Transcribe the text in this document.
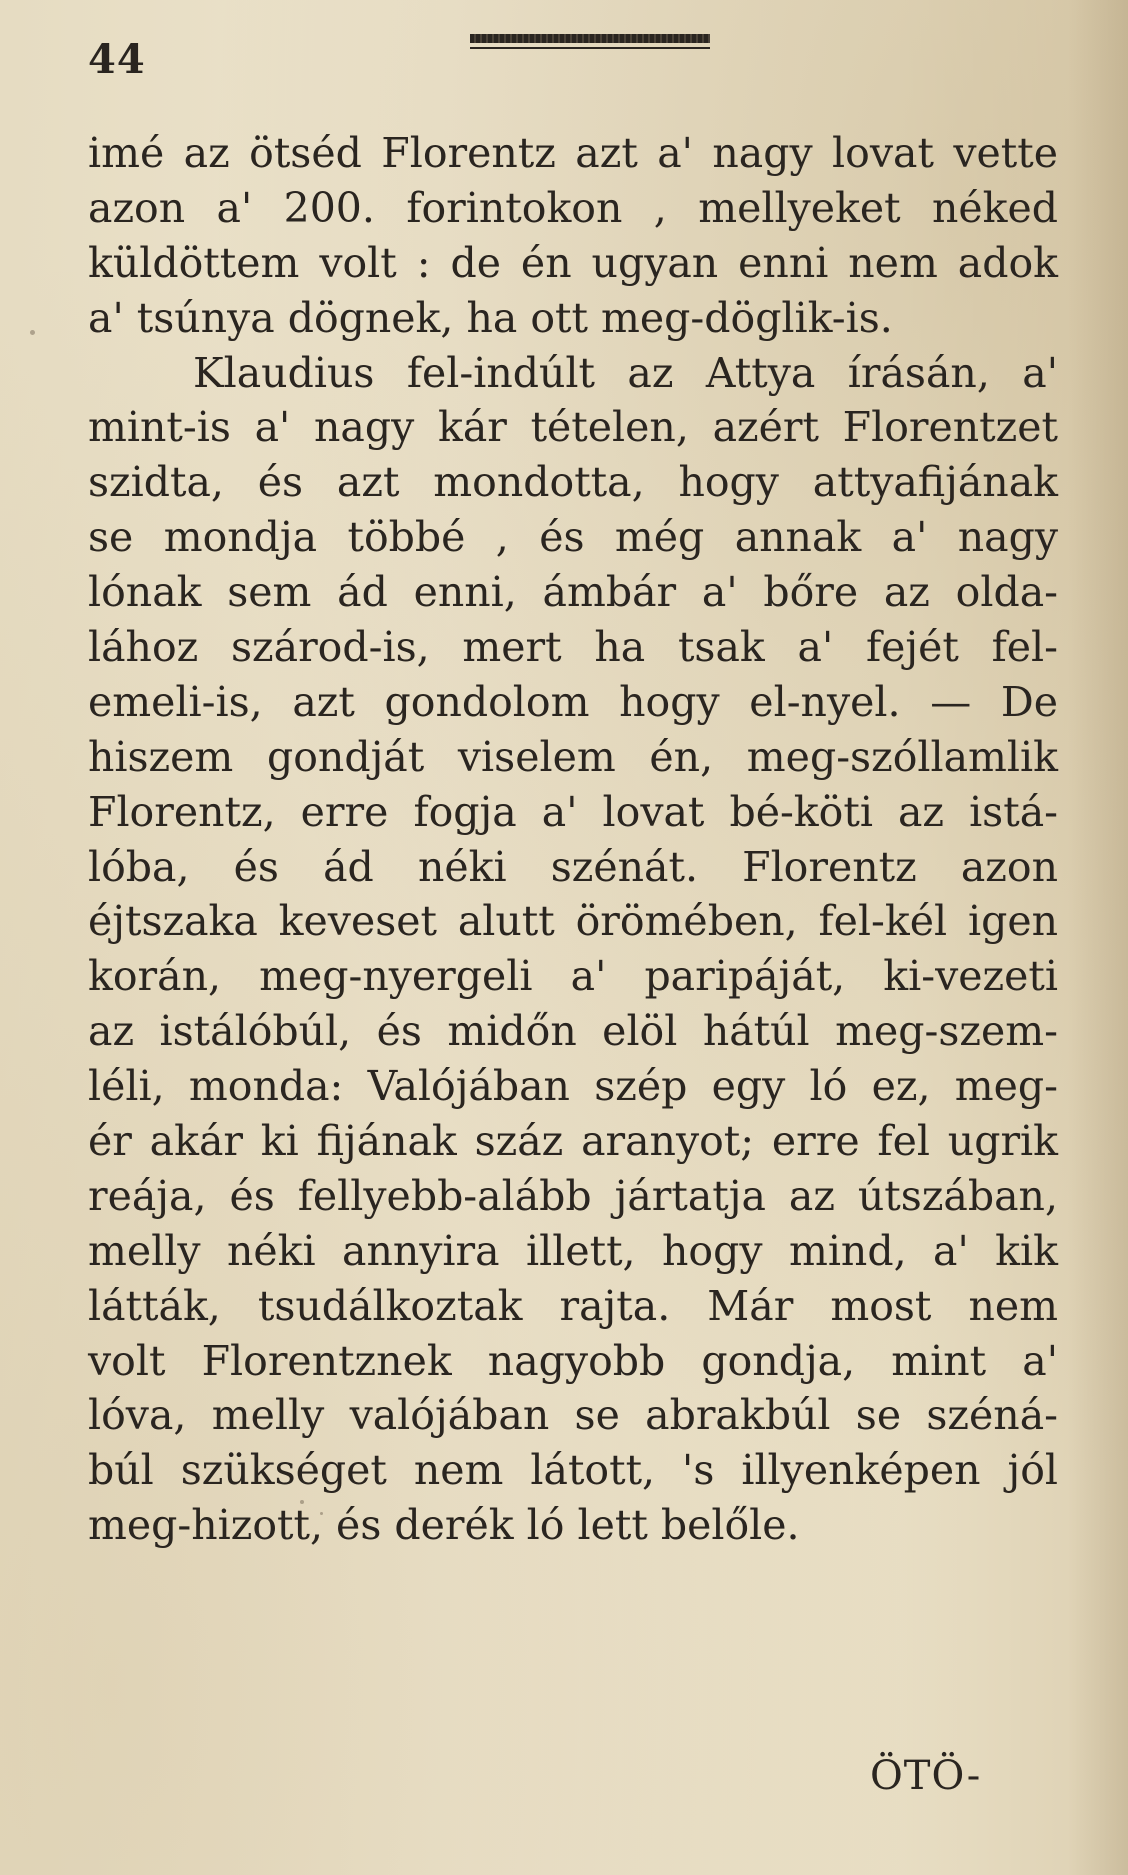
44
imé az ötséd Florentz azt a' nagy lovat vette
azon a' 200. forintokon , mellyeket néked
küldöttem volt : de én ugyan enni nem adok
a' tsúnya dögnek, ha ott meg-döglik-is.
Klaudius fel-indúlt az Attya írásán, a'
mint-is a' nagy kár tételen, azért Florentzet
szidta, és azt mondotta, hogy attyafijának
se mondja többé , és még annak a' nagy
lónak sem ád enni, ámbár a' bőre az olda-
lához szárod-is, mert ha tsak a' fejét fel-
emeli-is, azt gondolom hogy el-nyel. — De
hiszem gondját viselem én, meg-szóllamlik
Florentz, erre fogja a' lovat bé-köti az istá-
lóba, és ád néki szénát. Florentz azon
éjtszaka keveset alutt örömében, fel-kél igen
korán, meg-nyergeli a' paripáját, ki-vezeti
az istálóbúl, és midőn elöl hátúl meg-szem-
léli, monda: Valójában szép egy ló ez, meg-
ér akár ki fijának száz aranyot; erre fel ugrik
reája, és fellyebb-alább jártatja az útszában,
melly néki annyira illett, hogy mind, a' kik
látták, tsudálkoztak rajta. Már most nem
volt Florentznek nagyobb gondja, mint a'
lóva, melly valójában se abrakbúl se széná-
búl szükséget nem látott, 's illyenképen jól
meg-hizott, és derék ló lett belőle.
ÖTÖ-
